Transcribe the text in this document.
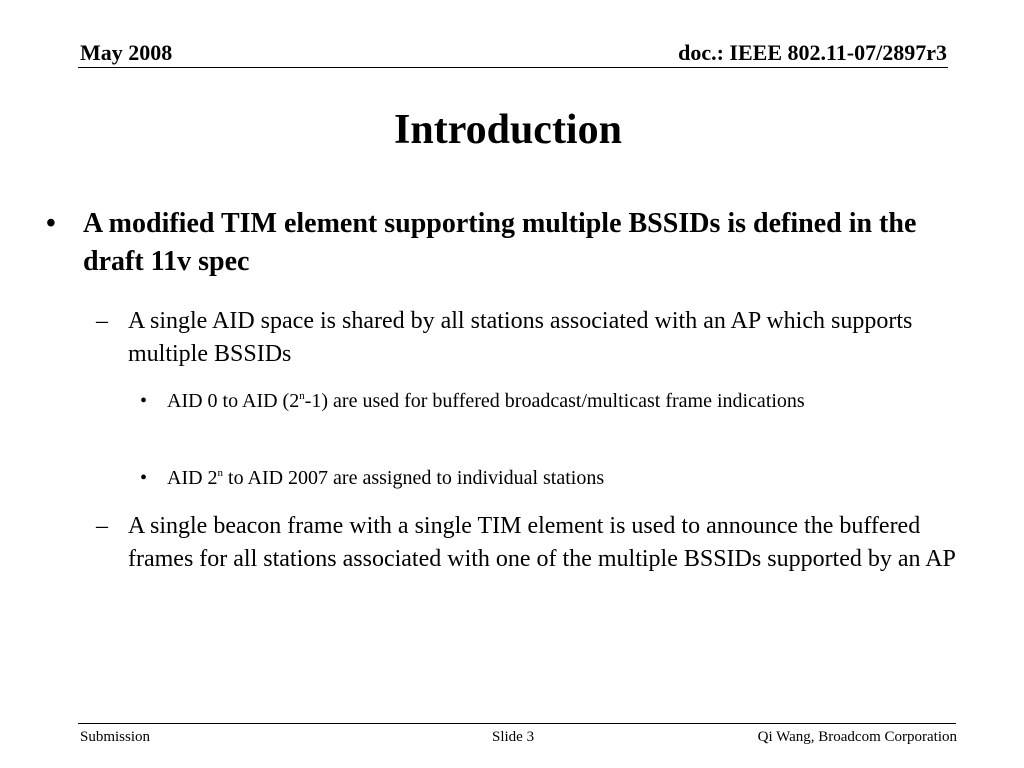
May 2008	doc.: IEEE 802.11-07/2897r3
Introduction
• A modified TIM element supporting multiple BSSIDs is defined in the draft 11v spec
– A single AID space is shared by all stations associated with an AP which supports multiple BSSIDs
• AID 0 to AID (2$^n$-1) are used for buffered broadcast/multicast frame indications
• AID 2$^n$ to AID 2007 are assigned to individual stations
– A single beacon frame with a single TIM element is used to announce the buffered frames for all stations associated with one of the multiple BSSIDs supported by an AP
Submission	Slide 3	Qi Wang, Broadcom Corporation
